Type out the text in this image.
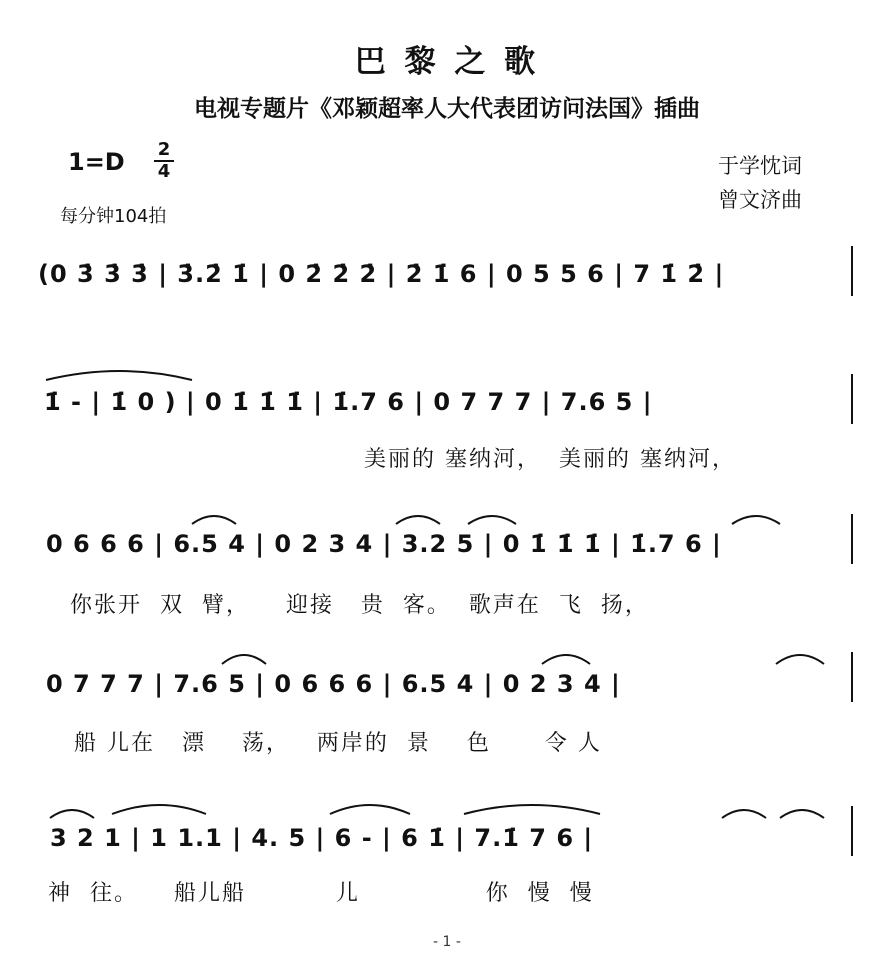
巴 黎 之 歌
电视专题片《邓颖超率人大代表团访问法国》插曲
1=D 2
4
每分钟104拍
于学忱词
曾文济曲
(0 3̇ 3̇ 3̇ | 3̇.2̇ 1̇ | 0 2̇ 2̇ 2̇ | 2̇ 1̇ 6 | 0 5 5 6 | 7 1̇ 2̇ |
1̇ - | 1̇ 0 ) | 0 1̇ 1̇ 1̇ | 1̇.7 6 | 0 7 7 7 | 7.6 5 |
美丽的 塞纳河，  美丽的 塞纳河，
0 6 6 6 | 6.5 4 | 0 2 3 4 | 3.2 5 | 0 1̇ 1̇ 1̇ | 1̇.7 6 |
你张开  双  臂，    迎接   贵  客。  歌声在  飞  扬，
0 7 7 7 | 7.6 5 | 0 6 6 6 | 6.5 4 | 0 2 3 4 |
船 儿在   漂    荡，   两岸的  景    色      令 人
3 2 1 | 1 1.1 | 4. 5 | 6 - | 6 1̇ | 7.1̇ 7 6 |
神  往。    船儿船          儿              你  慢  慢
- 1 -
